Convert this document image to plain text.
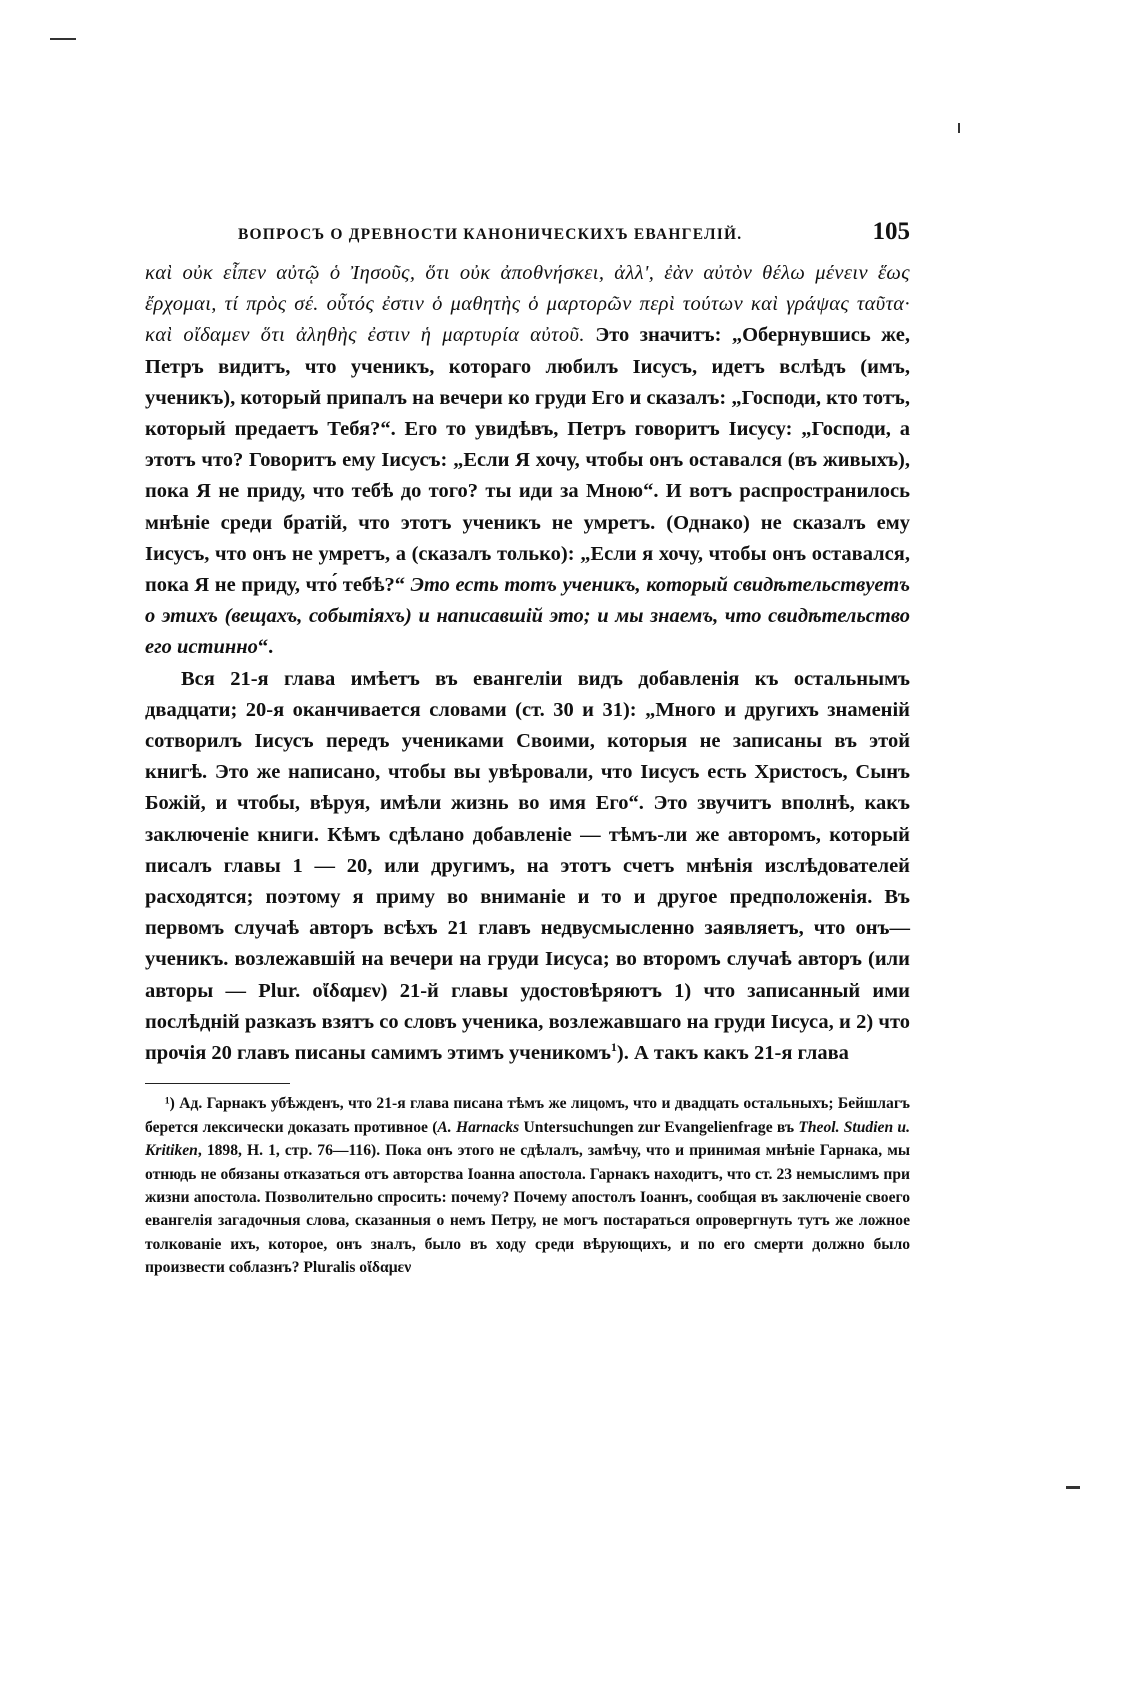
ВОПРОСЪ О ДРЕВНОСТИ КАНОНИЧЕСКИХЪ ЕВАНГЕЛІЙ.	105

καὶ οὐκ εἶπεν αὐτῷ ὁ Ἰησοῦς, ὅτι οὐκ ἀποθνήσκει, ἀλλ', ἐὰν αὐτὸν θέλω μένειν ἕως ἔρχομαι, τί πρὸς σέ. οὗτός ἐστιν ὁ μαθητὴς ὁ μαρτορῶν περὶ τούτων καὶ γράψας ταῦτα· καὶ οἴδαμεν ὅτι ἀληθὴς ἐστιν ἡ μαρτυρία αὐτοῦ. Это значитъ: „Обернувшись же, Петръ видитъ, что ученикъ, котораго любилъ Іисусъ, идетъ вслѣдъ (имъ, ученикъ), который припалъ на вечери ко груди Его и сказалъ: „Господи, кто тотъ, который предаетъ Тебя?“. Его то увидѣвъ, Петръ говоритъ Іисусу: „Господи, а этотъ что? Говоритъ ему Іисусъ: „Если Я хочу, чтобы онъ оставался (въ живыхъ), пока Я не приду, что тебѣ до того? ты иди за Мною“. И вотъ распространилось мнѣніе среди братій, что этотъ ученикъ не умретъ. (Однако) не сказалъ ему Іисусъ, что онъ не умретъ, а (сказалъ только): „Если я хочу, чтобы онъ оставался, пока Я не приду, что́ тебѣ?“ Это есть тотъ ученикъ, который свидѣтельствуетъ о этихъ (вещахъ, событіяхъ) и написавшій это; и мы знаемъ, что свидѣтельство его истинно“.

Вся 21-я глава имѣетъ въ евангеліи видъ добавленія къ остальнымъ двадцати; 20-я оканчивается словами (ст. 30 и 31): „Много и другихъ знаменій сотворилъ Іисусъ передъ учениками Своими, которыя не записаны въ этой книгѣ. Это же написано, чтобы вы увѣровали, что Іисусъ есть Христосъ, Сынъ Божій, и чтобы, вѣруя, имѣли жизнь во имя Его“. Это звучитъ вполнѣ, какъ заключеніе книги. Кѣмъ сдѣлано добавленіе — тѣмъ-ли же авторомъ, который писалъ главы 1 — 20, или другимъ, на этотъ счетъ мнѣнія изслѣдователей расходятся; поэтому я приму во вниманіе и то и другое предположенія. Въ первомъ случаѣ авторъ всѣхъ 21 главъ недвусмысленно заявляетъ, что онъ—ученикъ. возлежавшій на вечери на груди Іисуса; во второмъ случаѣ авторъ (или авторы — Plur. οἴδαμεν) 21-й главы удостовѣряютъ 1) что записанный ими послѣдній разказъ взятъ со словъ ученика, возлежавшаго на груди Іисуса, и 2) что прочія 20 главъ писаны самимъ этимъ ученикомъ$^1$). А такъ какъ 21-я глава

¹) Ад. Гарнакъ убѣжденъ, что 21-я глава писана тѣмъ же лицомъ, что и двадцать остальныхъ; Бейшлагъ берется лексически доказать противное (A. Harnacks Untersuchungen zur Evangelienfrage въ Theol. Studien u. Kritiken, 1898, H. 1, стр. 76—116). Пока онъ этого не сдѣлалъ, замѣчу, что и принимая мнѣніе Гарнака, мы отнюдь не обязаны отказаться отъ авторства Іоанна апостола. Гарнакъ находитъ, что ст. 23 немыслимъ при жизни апостола. Позволительно спросить: почему? Почему апостолъ Іоаннъ, сообщая въ заключеніе своего евангелія загадочныя слова, сказанныя о немъ Петру, не могъ постараться опровергнуть тутъ же ложное толкованіе ихъ, которое, онъ зналъ, было въ ходу среди вѣрующихъ, и по его смерти должно было произвести соблазнъ? Pluralis οἴδαμεν
